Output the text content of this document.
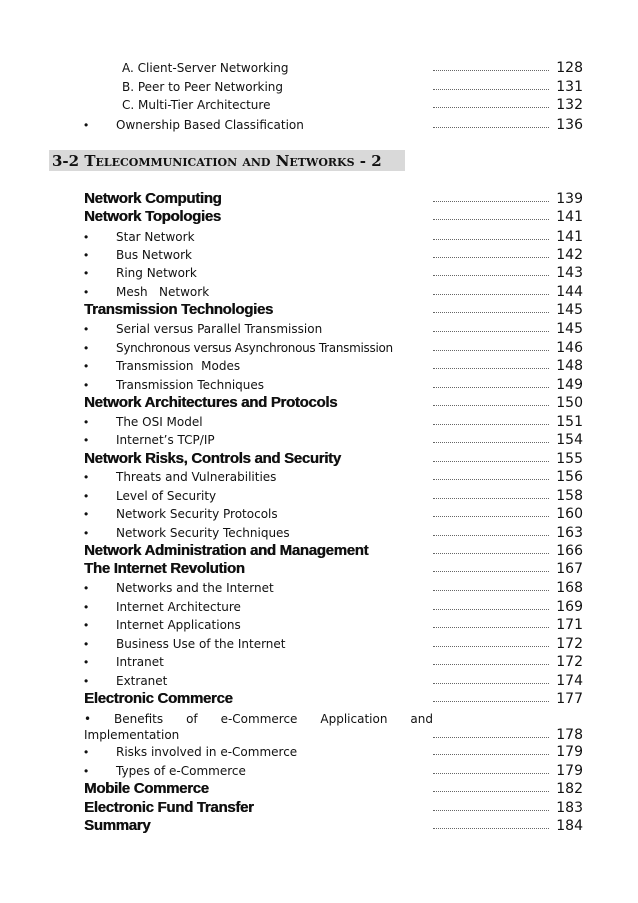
A. Client-Server Networking	128
B. Peer to Peer Networking	131
C. Multi-Tier Architecture	132
• Ownership Based Classification	136
3-2 Telecommunication and Networks - 2
Network Computing	139
Network Topologies	141
• Star Network	141
• Bus Network	142
• Ring Network	143
• Mesh   Network	144
Transmission Technologies	145
• Serial versus Parallel Transmission	145
• Synchronous versus Asynchronous Transmission	146
• Transmission  Modes	148
• Transmission Techniques	149
Network Architectures and Protocols	150
• The OSI Model	151
• Internet’s TCP/IP	154
Network Risks, Controls and Security	155
• Threats and Vulnerabilities	156
• Level of Security	158
• Network Security Protocols	160
• Network Security Techniques	163
Network Administration and Management	166
The Internet Revolution	167
• Networks and the Internet	168
• Internet Architecture	169
• Internet Applications	171
• Business Use of the Internet	172
• Intranet	172
• Extranet	174
Electronic Commerce	177
• Benefits of e-Commerce Application and
Implementation	178
• Risks involved in e-Commerce	179
• Types of e-Commerce	179
Mobile Commerce	182
Electronic Fund Transfer	183
Summary	184
